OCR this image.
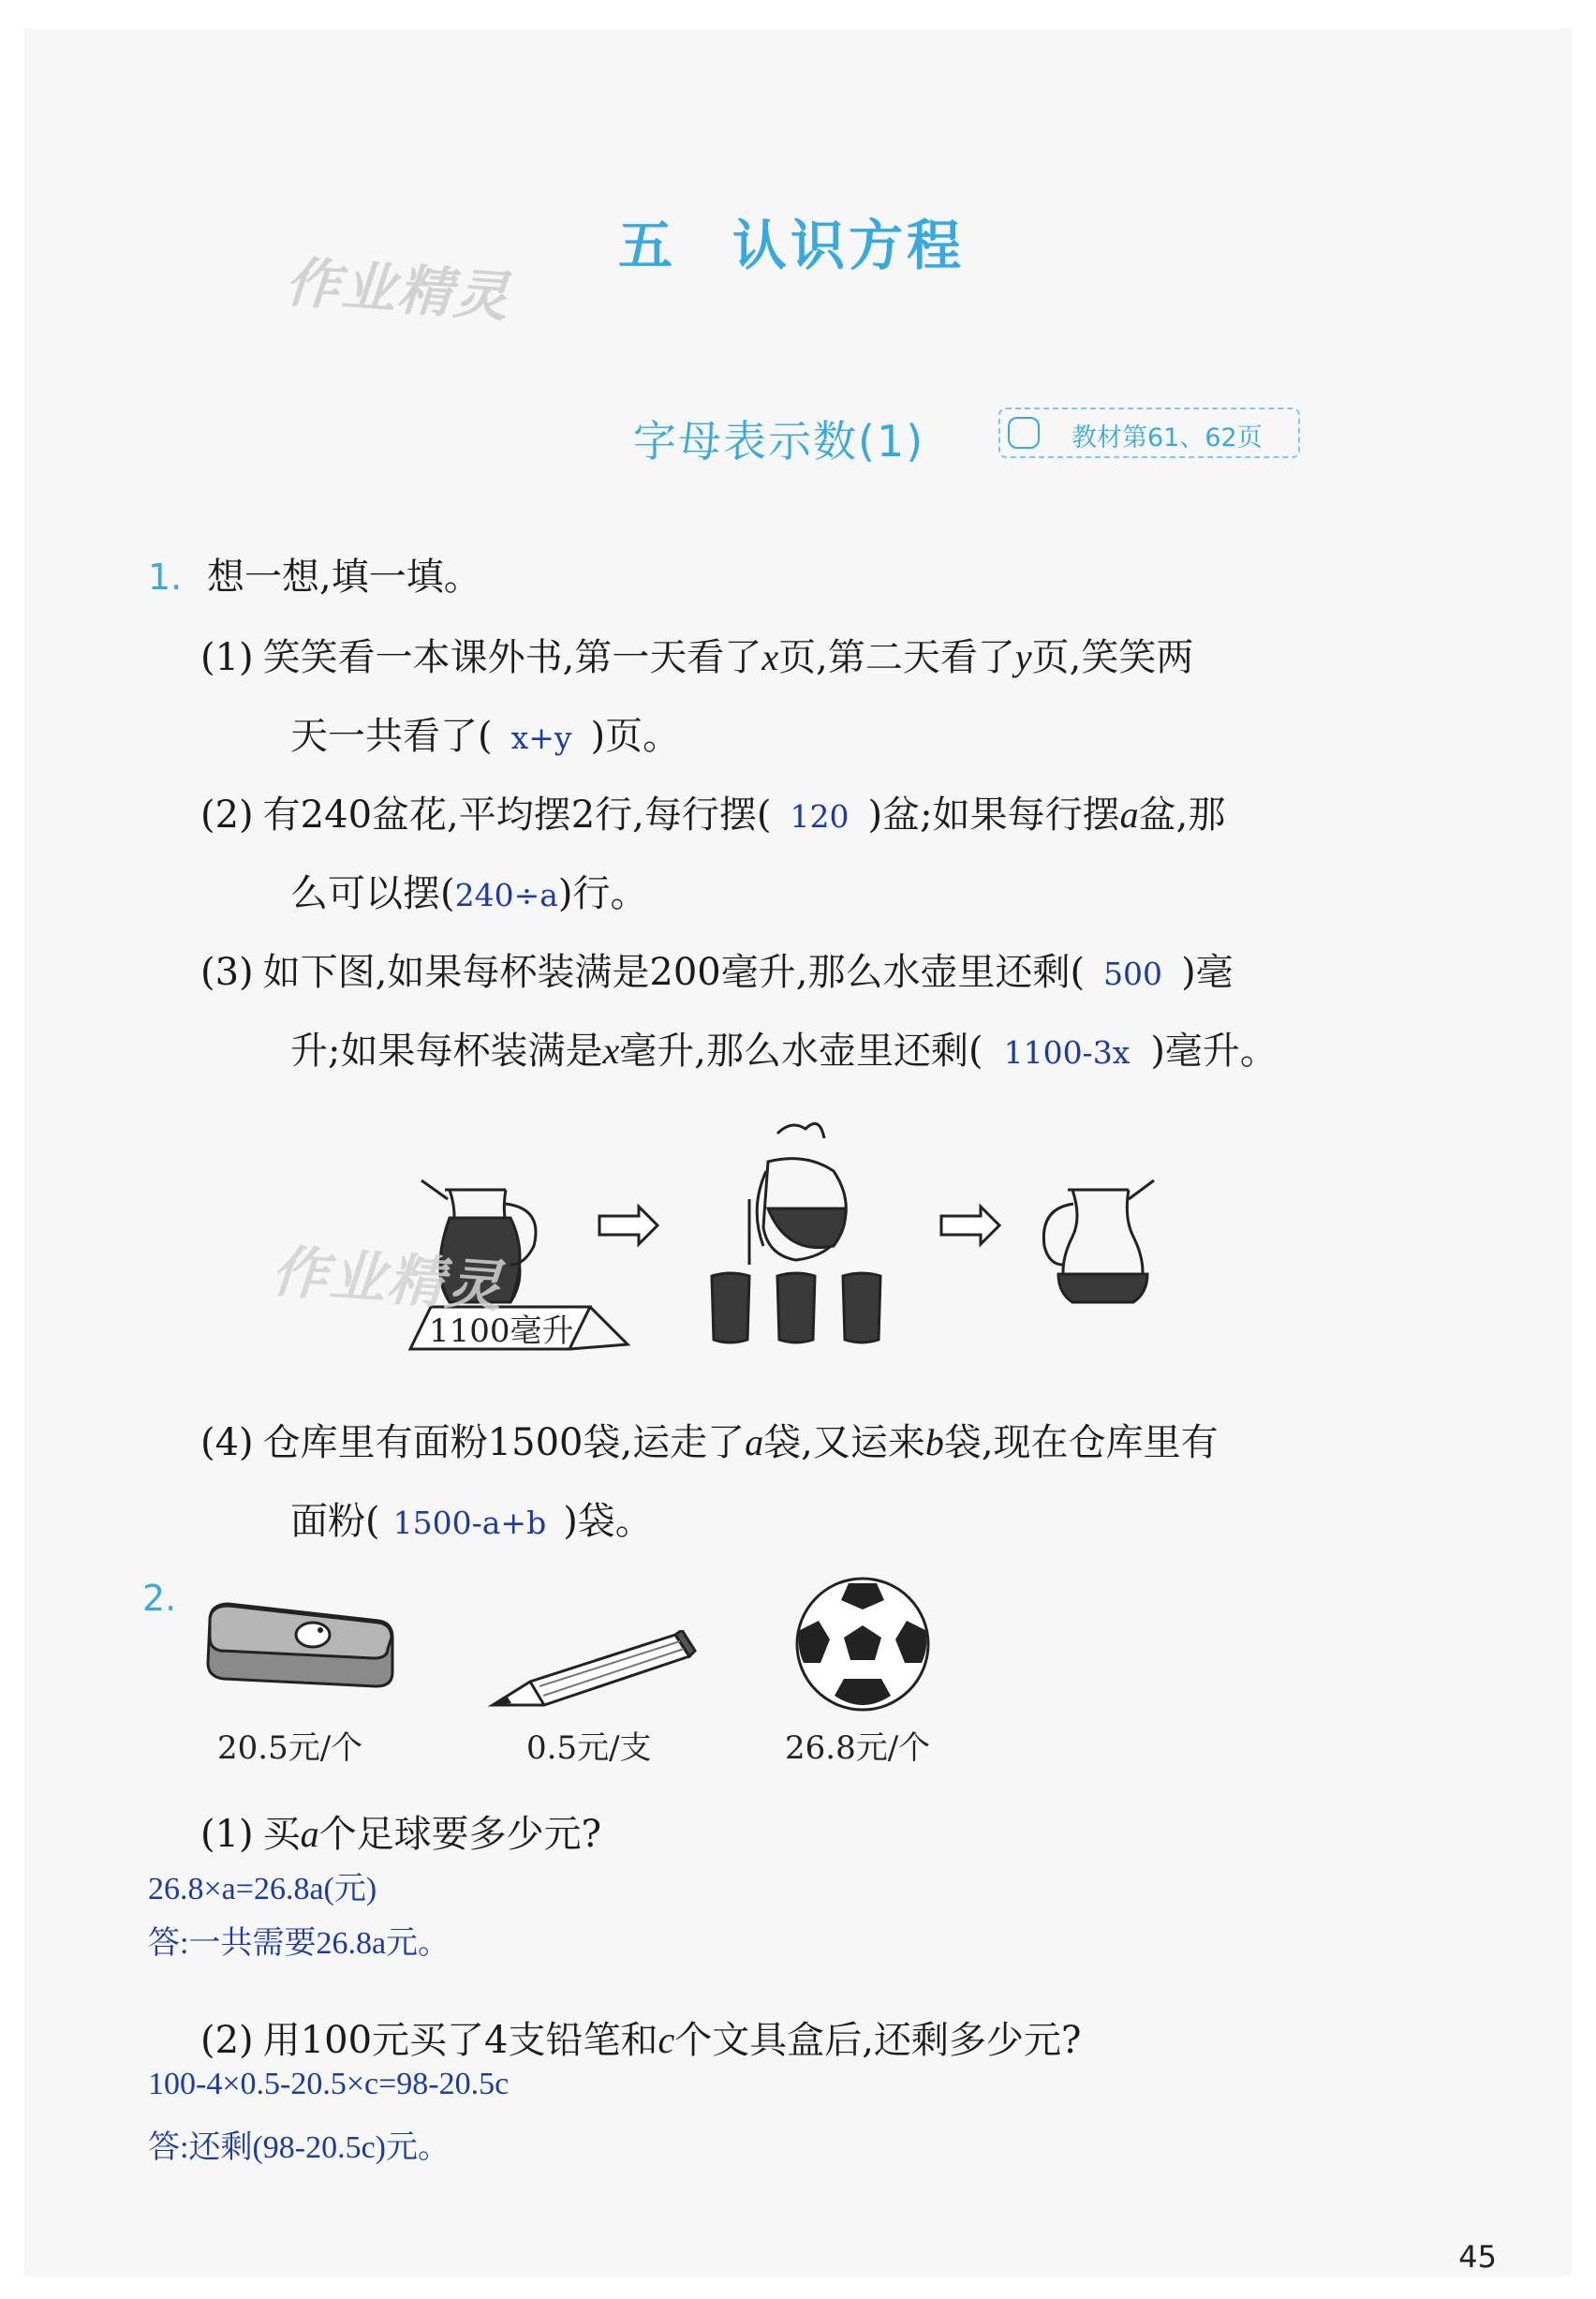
作业精灵
五 认识方程
字母表示数(1)	教材第61、62页
1. 想一想,填一填。
(1) 笑笑看一本课外书,第一天看了x页,第二天看了y页,笑笑两
天一共看了( x+y )页。
(2) 有240盆花,平均摆2行,每行摆( 120 )盆;如果每行摆a盆,那
么可以摆(240÷a)行。
(3) 如下图,如果每杯装满是200毫升,那么水壶里还剩( 500 )毫
升;如果每杯装满是x毫升,那么水壶里还剩( 1100-3x )毫升。
1100毫升
作业精灵
(4) 仓库里有面粉1500袋,运走了a袋,又运来b袋,现在仓库里有
面粉( 1500-a+b )袋。
2.
20.5元/个	0.5元/支	26.8元/个
(1) 买a个足球要多少元?
26.8×a=26.8a(元)
答:一共需要26.8a元。
(2) 用100元买了4支铅笔和c个文具盒后,还剩多少元?
100-4×0.5-20.5×c=98-20.5c
答:还剩(98-20.5c)元。
45
